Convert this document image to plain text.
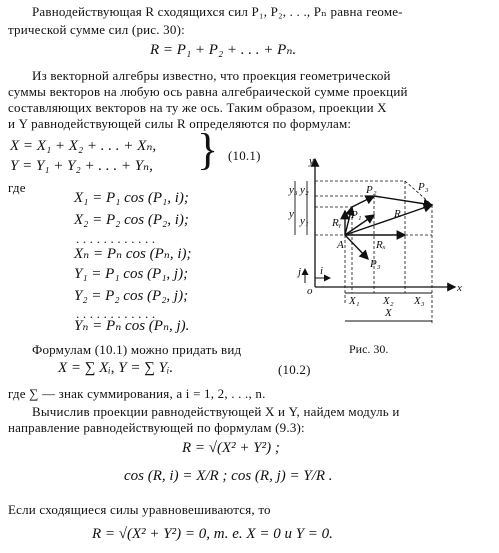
Равнодействующая R сходящихся сил P₁, P₂, . . ., Pₙ равна геоме-
трической сумме сил (рис. 30):
R = P₁ + P₂ + . . . + Pₙ.
Из векторной алгебры известно, что проекция геометрической
суммы векторов на любую ось равна алгебраической сумме проекций
составляющих векторов на ту же ось. Таким образом, проекции X
и Y равнодействующей силы R определяются по формулам:
X = X₁ + X₂ + . . . + Xₙ,
Y = Y₁ + Y₂ + . . . + Yₙ, } (10.1)
где
X₁ = P₁ cos (P₁, i);
X₂ = P₂ cos (P₂, i);
. . . . . . . . . . . .
Xₙ = Pₙ cos (Pₙ, i);
Y₁ = P₁ cos (P₁, j);
Y₂ = P₂ cos (P₂, j);
. . . . . . . . . . . .
Yₙ = Pₙ cos (Pₙ, j).
Формулам (10.1) можно придать вид	Рис. 30.
X = ∑ Xᵢ, Y = ∑ Yᵢ.	(10.2)
где ∑ — знак суммирования, а i = 1, 2, . . ., n.
Вычислив проекции равнодействующей X и Y, найдем модуль и
направление равнодействующей по формулам (9.3):
R = √(X² + Y²) ;
cos (R, i) = X/R ; cos (R, j) = Y/R .
Если сходящиеся силы уравновешиваются, то
R = √(X² + Y²) = 0, т. е. X = 0 и Y = 0.
y
x
o
A
j i
P₁
P₂	P₃
R
Rₓ
Rᵧ
P₃
X₁ X₂ X₃
X
y₃ y₂
y₁
y
